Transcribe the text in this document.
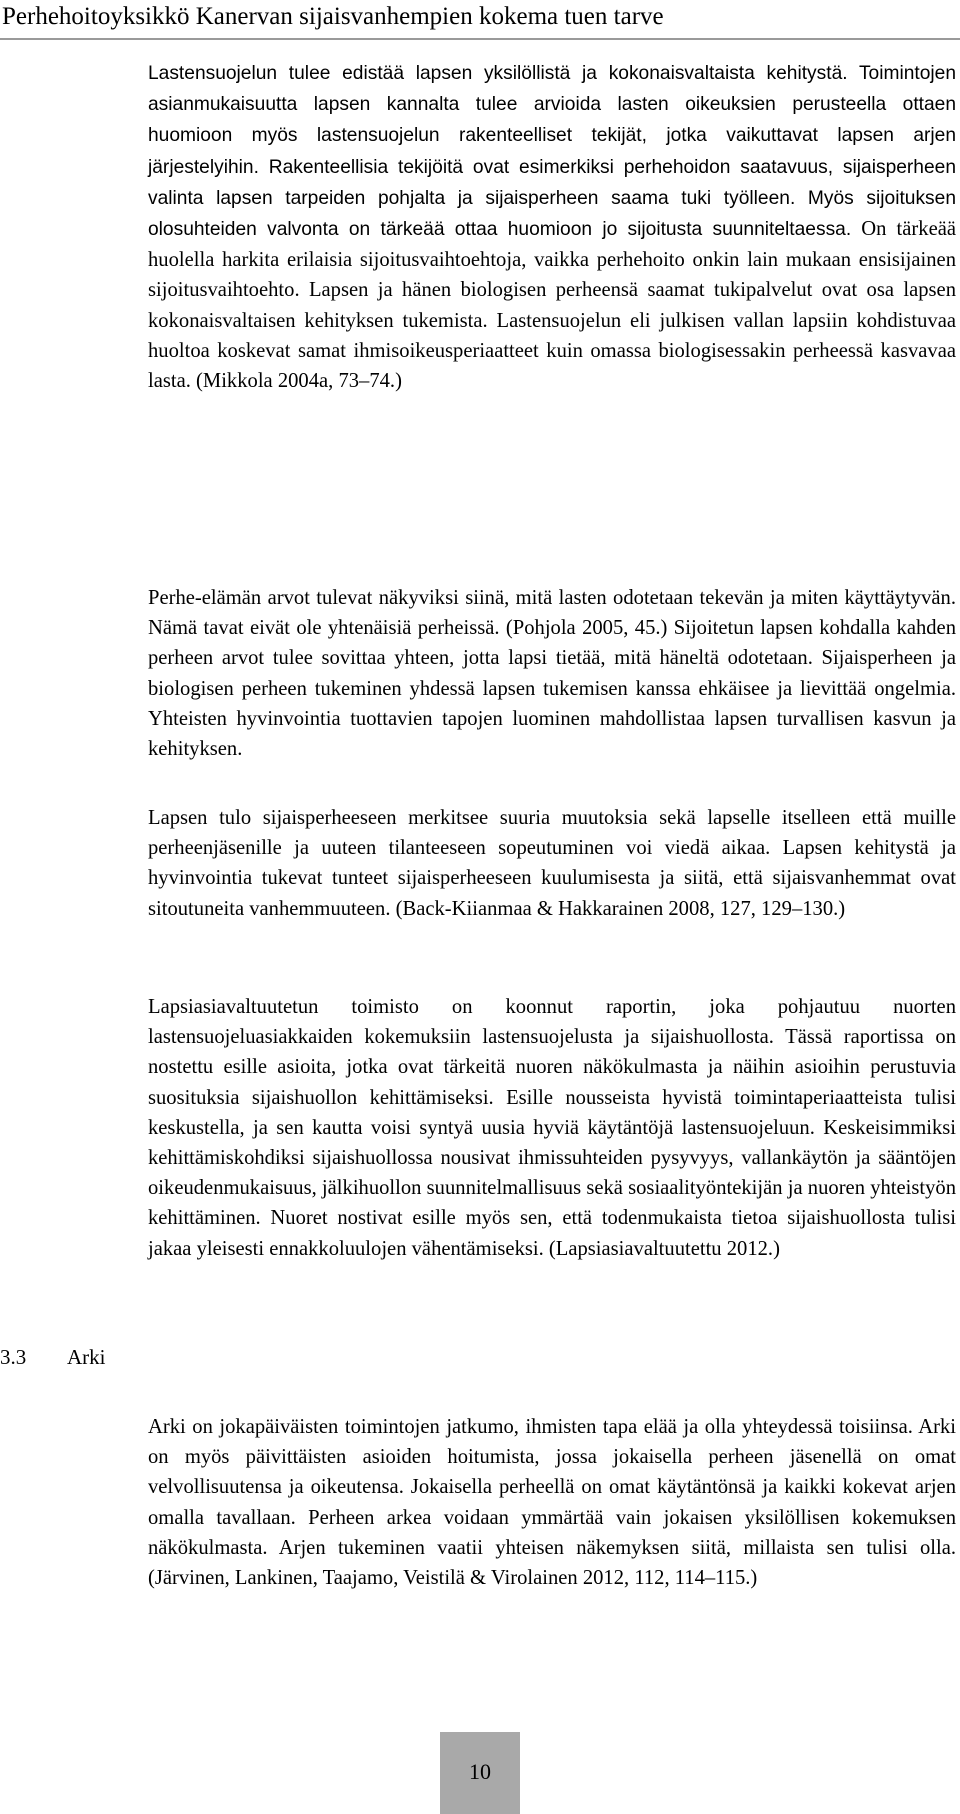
Perhehoitoyksikkö Kanervan sijaisvanhempien kokema tuen tarve

Lastensuojelun tulee edistää lapsen yksilöllistä ja kokonaisvaltaista kehitystä. Toimintojen asianmukaisuutta lapsen kannalta tulee arvioida lasten oikeuksien perusteella ottaen huomioon myös lastensuojelun rakenteelliset tekijät, jotka vaikuttavat lapsen arjen järjestelyihin. Rakenteellisia tekijöitä ovat esimerkiksi perhehoidon saatavuus, sijaisperheen valinta lapsen tarpeiden pohjalta ja sijaisperheen saama tuki työlleen. Myös sijoituksen olosuhteiden valvonta on tärkeää ottaa huomioon jo sijoitusta suunniteltaessa. On tärkeää huolella harkita erilaisia sijoitusvaihtoehtoja, vaikka perhehoito onkin lain mukaan ensisijainen sijoitusvaihtoehto. Lapsen ja hänen biologisen perheensä saamat tukipalvelut ovat osa lapsen kokonaisvaltaisen kehityksen tukemista. Lastensuojelun eli julkisen vallan lapsiin kohdistuvaa huoltoa koskevat samat ihmisoikeusperiaatteet kuin omassa biologisessakin perheessä kasvavaa lasta. (Mikkola 2004a, 73–74.)

Perhe-elämän arvot tulevat näkyviksi siinä, mitä lasten odotetaan tekevän ja miten käyttäytyvän. Nämä tavat eivät ole yhtenäisiä perheissä. (Pohjola 2005, 45.) Sijoitetun lapsen kohdalla kahden perheen arvot tulee sovittaa yhteen, jotta lapsi tietää, mitä häneltä odotetaan. Sijaisperheen ja biologisen perheen tukeminen yhdessä lapsen tukemisen kanssa ehkäisee ja lievittää ongelmia. Yhteisten hyvinvointia tuottavien tapojen luominen mahdollistaa lapsen turvallisen kasvun ja kehityksen.

Lapsen tulo sijaisperheeseen merkitsee suuria muutoksia sekä lapselle itselleen että muille perheenjäsenille ja uuteen tilanteeseen sopeutuminen voi viedä aikaa. Lapsen kehitystä ja hyvinvointia tukevat tunteet sijaisperheeseen kuulumisesta ja siitä, että sijaisvanhemmat ovat sitoutuneita vanhemmuuteen. (Back-Kiianmaa & Hakkarainen 2008, 127, 129–130.)

Lapsiasiavaltuutetun toimisto on koonnut raportin, joka pohjautuu nuorten lastensuojeluasiakkaiden kokemuksiin lastensuojelusta ja sijaishuollosta. Tässä raportissa on nostettu esille asioita, jotka ovat tärkeitä nuoren näkökulmasta ja näihin asioihin perustuvia suosituksia sijaishuollon kehittämiseksi. Esille nousseista hyvistä toimintaperiaatteista tulisi keskustella, ja sen kautta voisi syntyä uusia hyviä käytäntöjä lastensuojeluun. Keskeisimmiksi kehittämiskohdiksi sijaishuollossa nousivat ihmissuhteiden pysyvyys, vallankäytön ja sääntöjen oikeudenmukaisuus, jälkihuollon suunnitelmallisuus sekä sosiaalityöntekijän ja nuoren yhteistyön kehittäminen. Nuoret nostivat esille myös sen, että todenmukaista tietoa sijaishuollosta tulisi jakaa yleisesti ennakkoluulojen vähentämiseksi. (Lapsiasiavaltuutettu 2012.)

3.3 Arki

Arki on jokapäiväisten toimintojen jatkumo, ihmisten tapa elää ja olla yhteydessä toisiinsa. Arki on myös päivittäisten asioiden hoitumista, jossa jokaisella perheen jäsenellä on omat velvollisuutensa ja oikeutensa. Jokaisella perheellä on omat käytäntönsä ja kaikki kokevat arjen omalla tavallaan. Perheen arkea voidaan ymmärtää vain jokaisen yksilöllisen kokemuksen näkökulmasta. Arjen tukeminen vaatii yhteisen näkemyksen siitä, millaista sen tulisi olla. (Järvinen, Lankinen, Taajamo, Veistilä & Virolainen 2012, 112, 114–115.)

10
